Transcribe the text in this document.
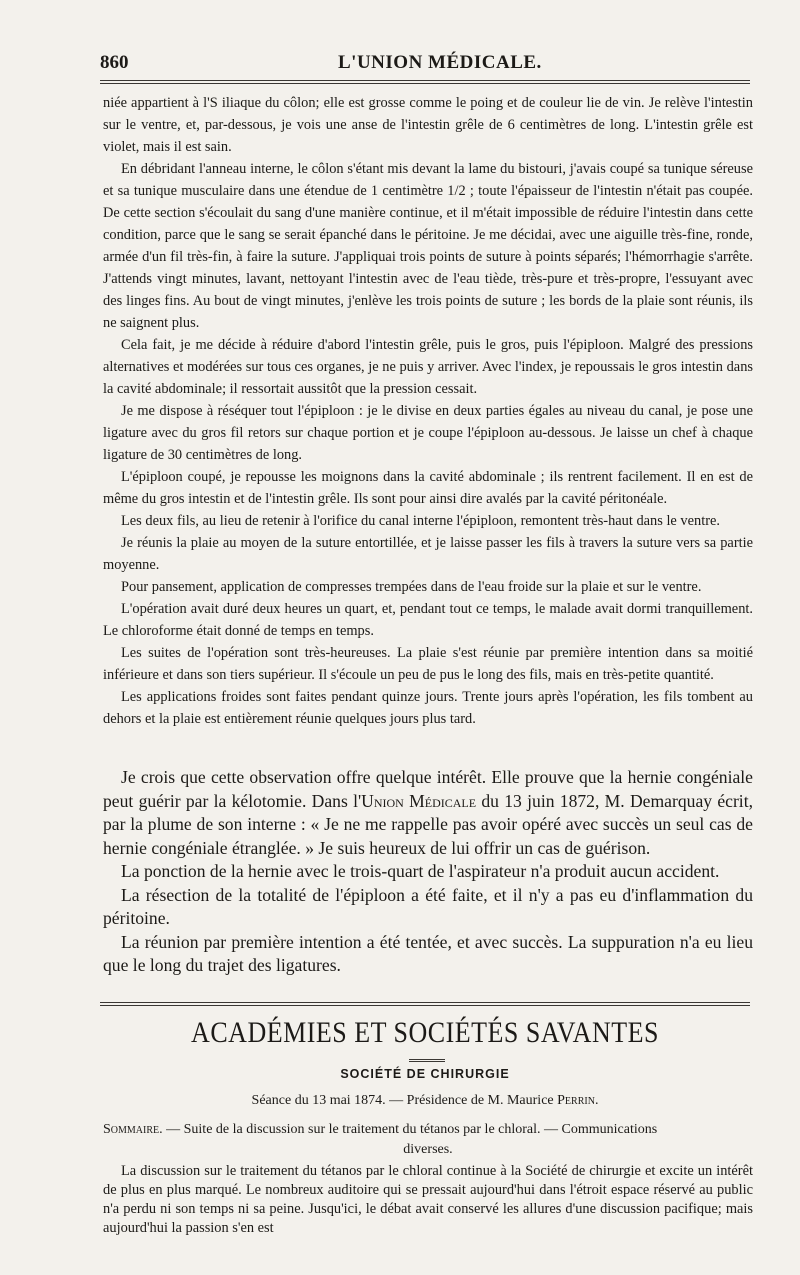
860	L'UNION MÉDICALE.

niée appartient à l'S iliaque du côlon; elle est grosse comme le poing et de couleur lie de vin. Je relève l'intestin sur le ventre, et, par-dessous, je vois une anse de l'intestin grêle de 6 centimètres de long. L'intestin grêle est violet, mais il est sain.

En débridant l'anneau interne, le côlon s'étant mis devant la lame du bistouri, j'avais coupé sa tunique séreuse et sa tunique musculaire dans une étendue de 1 centimètre 1/2 ; toute l'épaisseur de l'intestin n'était pas coupée. De cette section s'écoulait du sang d'une manière continue, et il m'était impossible de réduire l'intestin dans cette condition, parce que le sang se serait épanché dans le péritoine. Je me décidai, avec une aiguille très-fine, ronde, armée d'un fil très-fin, à faire la suture. J'appliquai trois points de suture à points séparés; l'hémorrhagie s'arrête. J'attends vingt minutes, lavant, nettoyant l'intestin avec de l'eau tiède, très-pure et très-propre, l'essuyant avec des linges fins. Au bout de vingt minutes, j'enlève les trois points de suture ; les bords de la plaie sont réunis, ils ne saignent plus.

Cela fait, je me décide à réduire d'abord l'intestin grêle, puis le gros, puis l'épiploon. Malgré des pressions alternatives et modérées sur tous ces organes, je ne puis y arriver. Avec l'index, je repoussais le gros intestin dans la cavité abdominale; il ressortait aussitôt que la pression cessait.

Je me dispose à réséquer tout l'épiploon : je le divise en deux parties égales au niveau du canal, je pose une ligature avec du gros fil retors sur chaque portion et je coupe l'épiploon au-dessous. Je laisse un chef à chaque ligature de 30 centimètres de long.

L'épiploon coupé, je repousse les moignons dans la cavité abdominale ; ils rentrent facilement. Il en est de même du gros intestin et de l'intestin grêle. Ils sont pour ainsi dire avalés par la cavité péritonéale.

Les deux fils, au lieu de retenir à l'orifice du canal interne l'épiploon, remontent très-haut dans le ventre.

Je réunis la plaie au moyen de la suture entortillée, et je laisse passer les fils à travers la suture vers sa partie moyenne.

Pour pansement, application de compresses trempées dans de l'eau froide sur la plaie et sur le ventre.

L'opération avait duré deux heures un quart, et, pendant tout ce temps, le malade avait dormi tranquillement. Le chloroforme était donné de temps en temps.

Les suites de l'opération sont très-heureuses. La plaie s'est réunie par première intention dans sa moitié inférieure et dans son tiers supérieur. Il s'écoule un peu de pus le long des fils, mais en très-petite quantité.

Les applications froides sont faites pendant quinze jours. Trente jours après l'opération, les fils tombent au dehors et la plaie est entièrement réunie quelques jours plus tard.

Je crois que cette observation offre quelque intérêt. Elle prouve que la hernie congéniale peut guérir par la kélotomie. Dans l'Union Médicale du 13 juin 1872, M. Demarquay écrit, par la plume de son interne : « Je ne me rappelle pas avoir opéré avec succès un seul cas de hernie congéniale étranglée. » Je suis heureux de lui offrir un cas de guérison.

La ponction de la hernie avec le trois-quart de l'aspirateur n'a produit aucun accident.

La résection de la totalité de l'épiploon a été faite, et il n'y a pas eu d'inflammation du péritoine.

La réunion par première intention a été tentée, et avec succès. La suppuration n'a eu lieu que le long du trajet des ligatures.

ACADÉMIES ET SOCIÉTÉS SAVANTES
SOCIÉTÉ DE CHIRURGIE
Séance du 13 mai 1874. — Présidence de M. Maurice Perrin.
Sommaire. — Suite de la discussion sur le traitement du tétanos par le chloral. — Communications
diverses.

La discussion sur le traitement du tétanos par le chloral continue à la Société de chirurgie et excite un intérêt de plus en plus marqué. Le nombreux auditoire qui se pressait aujourd'hui dans l'étroit espace réservé au public n'a perdu ni son temps ni sa peine. Jusqu'ici, le débat avait conservé les allures d'une discussion pacifique; mais aujourd'hui la passion s'en est
